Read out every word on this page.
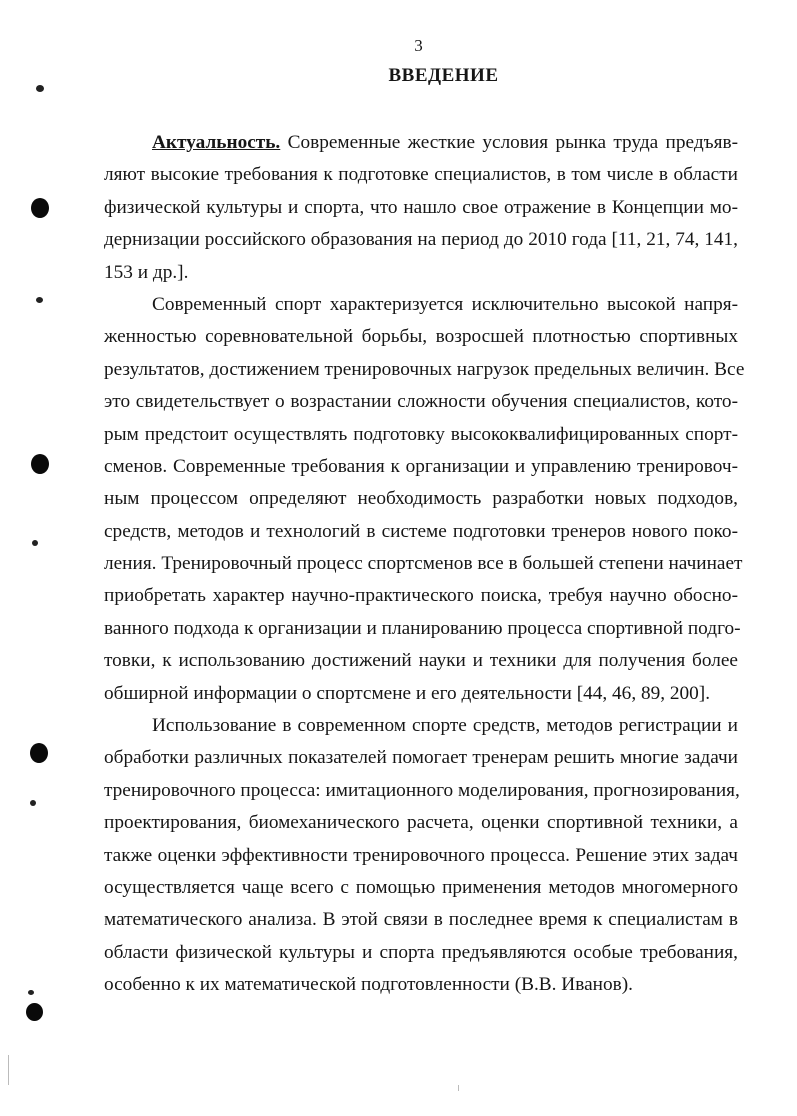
3
ВВЕДЕНИЕ
Актуальность. Современные жесткие условия рынка труда предъяв-
ляют высокие требования к подготовке специалистов, в том числе в области
физической культуры и спорта, что нашло свое отражение в Концепции мо-
дернизации российского образования на период до 2010 года [11, 21, 74, 141,
153 и др.].
Современный спорт характеризуется исключительно высокой напря-
женностью соревновательной борьбы, возросшей плотностью спортивных
результатов, достижением тренировочных нагрузок предельных величин. Все
это свидетельствует о возрастании сложности обучения специалистов, кото-
рым предстоит осуществлять подготовку высококвалифицированных спорт-
сменов. Современные требования к организации и управлению тренировоч-
ным процессом определяют необходимость разработки новых подходов,
средств, методов и технологий в системе подготовки тренеров нового поко-
ления. Тренировочный процесс спортсменов все в большей степени начинает
приобретать характер научно-практического поиска, требуя научно обосно-
ванного подхода к организации и планированию процесса спортивной подго-
товки, к использованию достижений науки и техники для получения более
обширной информации о спортсмене и его деятельности [44, 46, 89, 200].
Использование в современном спорте средств, методов регистрации и
обработки различных показателей помогает тренерам решить многие задачи
тренировочного процесса: имитационного моделирования, прогнозирования,
проектирования, биомеханического расчета, оценки спортивной техники, а
также оценки эффективности тренировочного процесса. Решение этих задач
осуществляется чаще всего с помощью применения методов многомерного
математического анализа. В этой связи в последнее время к специалистам в
области физической культуры и спорта предъявляются особые требования,
особенно к их математической подготовленности (В.В. Иванов).
